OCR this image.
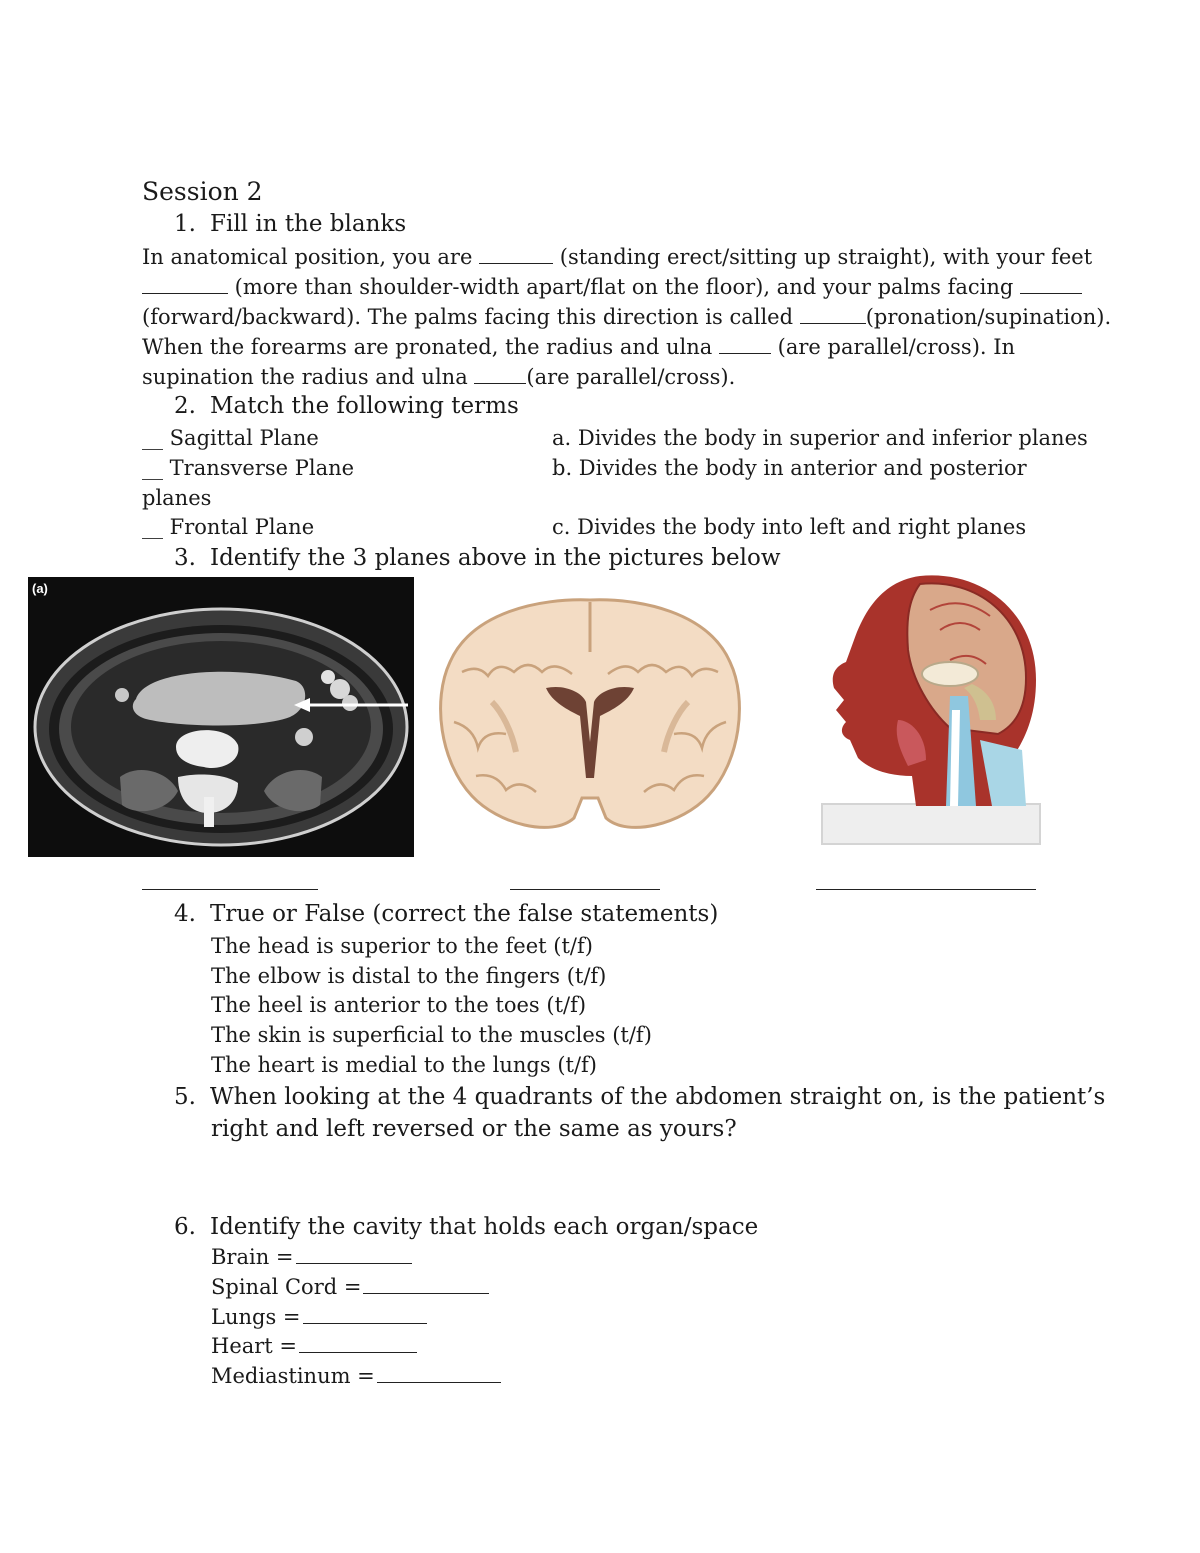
Session 2
1. Fill in the blanks
In anatomical position, you are	(standing erect/sitting up straight), with your feet
(more than shoulder-width apart/flat on the floor), and your palms facing
(forward/backward). The palms facing this direction is called	(pronation/supination).
When the forearms are pronated, the radius and ulna  (are parallel/cross). In
supination the radius and ulna (are parallel/cross).
2. Match the following terms
__ Sagittal Plane	a. Divides the body in superior and inferior planes
__ Transverse Plane	b. Divides the body in anterior and posterior
planes
__ Frontal Plane	c. Divides the body into left and right planes
3. Identify the 3 planes above in the pictures below
(a)
4. True or False (correct the false statements)
The head is superior to the feet (t/f)
The elbow is distal to the fingers (t/f)
The heel is anterior to the toes (t/f)
The skin is superficial to the muscles (t/f)
The heart is medial to the lungs (t/f)
5. When looking at the 4 quadrants of the abdomen straight on, is the patient’s
right and left reversed or the same as yours?
6. Identify the cavity that holds each organ/space
Brain =
Spinal Cord =
Lungs =
Heart =
Mediastinum =
